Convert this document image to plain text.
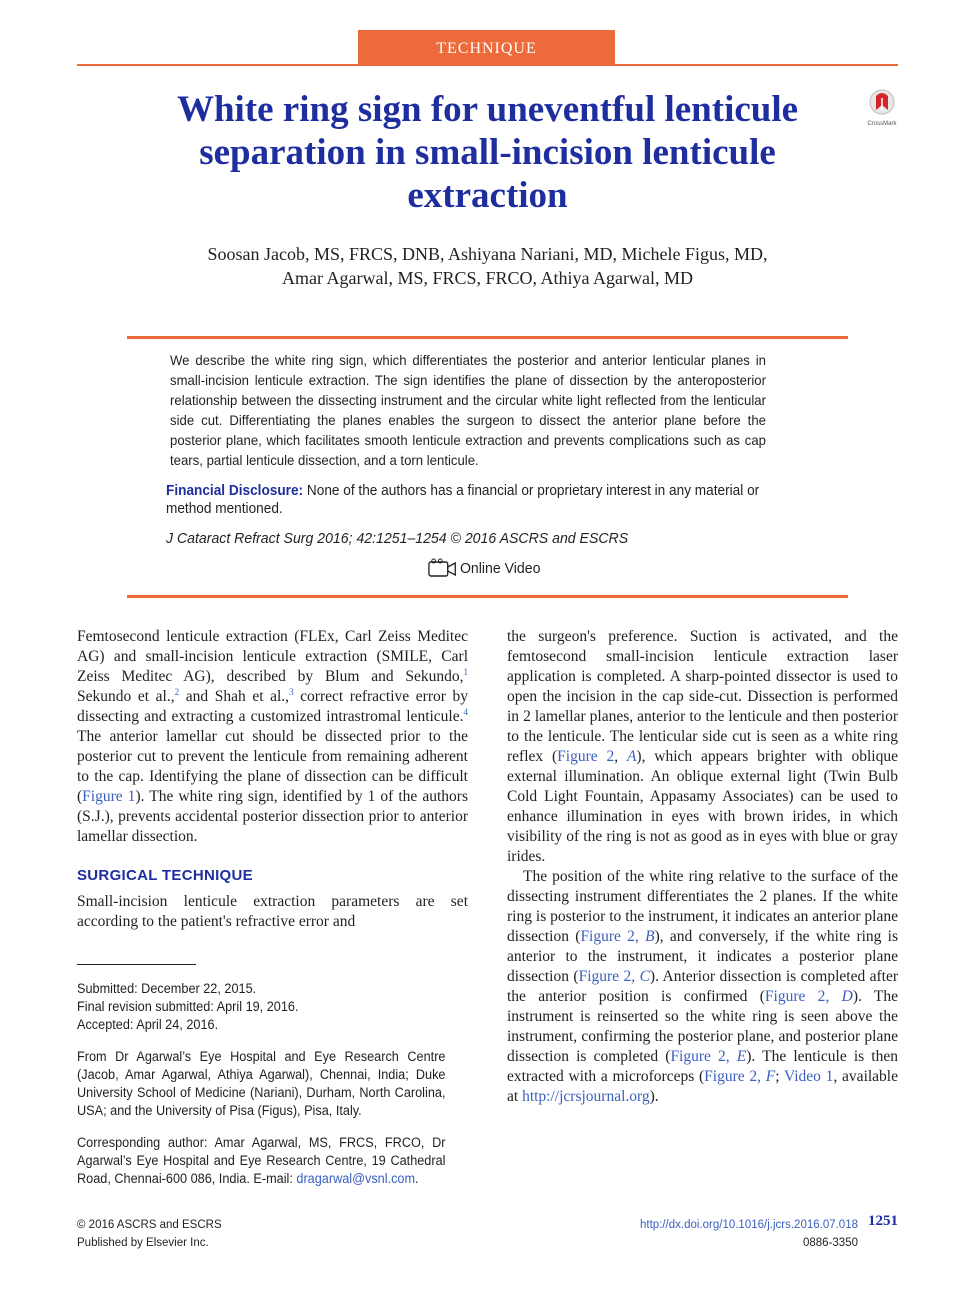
TECHNIQUE
White ring sign for uneventful lenticule separation in small-incision lenticule extraction
CrossMark
Soosan Jacob, MS, FRCS, DNB, Ashiyana Nariani, MD, Michele Figus, MD,
Amar Agarwal, MS, FRCS, FRCO, Athiya Agarwal, MD
We describe the white ring sign, which differentiates the posterior and anterior lenticular planes in small-incision lenticule extraction. The sign identifies the plane of dissection by the anteroposterior relationship between the dissecting instrument and the circular white light reflected from the lenticular side cut. Differentiating the planes enables the surgeon to dissect the anterior plane before the posterior plane, which facilitates smooth lenticule extraction and prevents complications such as cap tears, partial lenticule dissection, and a torn lenticule.
Financial Disclosure: None of the authors has a financial or proprietary interest in any material or method mentioned.
J Cataract Refract Surg 2016; 42:1251–1254 © 2016 ASCRS and ESCRS
Online Video

Femtosecond lenticule extraction (FLEx, Carl Zeiss Meditec AG) and small-incision lenticule extraction (SMILE, Carl Zeiss Meditec AG), described by Blum and Sekundo,$^1$ Sekundo et al.,$^2$ and Shah et al.,$^3$ correct refractive error by dissecting and extracting a customized intrastromal lenticule.$^4$ The anterior lamellar cut should be dissected prior to the posterior cut to prevent the lenticule from remaining adherent to the cap. Identifying the plane of dissection can be difficult (Figure 1). The white ring sign, identified by 1 of the authors (S.J.), prevents accidental posterior dissection prior to anterior lamellar dissection.

SURGICAL TECHNIQUE

Small-incision lenticule extraction parameters are set according to the patient's refractive error and

Submitted: December 22, 2015.

Final revision submitted: April 19, 2016.

Accepted: April 24, 2016.

From Dr Agarwal’s Eye Hospital and Eye Research Centre (Jacob, Amar Agarwal, Athiya Agarwal), Chennai, India; Duke University School of Medicine (Nariani), Durham, North Carolina, USA; and the University of Pisa (Figus), Pisa, Italy.
Corresponding author: Amar Agarwal, MS, FRCS, FRCO, Dr Agarwal’s Eye Hospital and Eye Research Centre, 19 Cathedral Road, Chennai-600 086, India. E-mail: dragarwal@vsnl.com.

the surgeon's preference. Suction is activated, and the femtosecond small-incision lenticule extraction laser application is completed. A sharp-pointed dissector is used to open the incision in the cap side-cut. Dissection is performed in 2 lamellar planes, anterior to the lenticule and then posterior to the lenticule. The lenticular side cut is seen as a white ring reflex (Figure 2, A), which appears brighter with oblique external illumination. An oblique external light (Twin Bulb Cold Light Fountain, Appasamy Associates) can be used to enhance illumination in eyes with brown irides, in which visibility of the ring is not as good as in eyes with blue or gray irides.

The position of the white ring relative to the surface of the dissecting instrument differentiates the 2 planes. If the white ring is posterior to the instrument, it indicates an anterior plane dissection (Figure 2, B), and conversely, if the white ring is anterior to the instrument, it indicates a posterior plane dissection (Figure 2, C). Anterior dissection is completed after the anterior position is confirmed (Figure 2, D). The instrument is reinserted so the white ring is seen above the instrument, confirming the posterior plane, and posterior plane dissection is completed (Figure 2, E). The lenticule is then extracted with a microforceps (Figure 2, F; Video 1, available at http://jcrsjournal.org).

© 2016 ASCRS and ESCRS
Published by Elsevier Inc.
http://dx.doi.org/10.1016/j.jcrs.2016.07.018
0886-3350
1251
